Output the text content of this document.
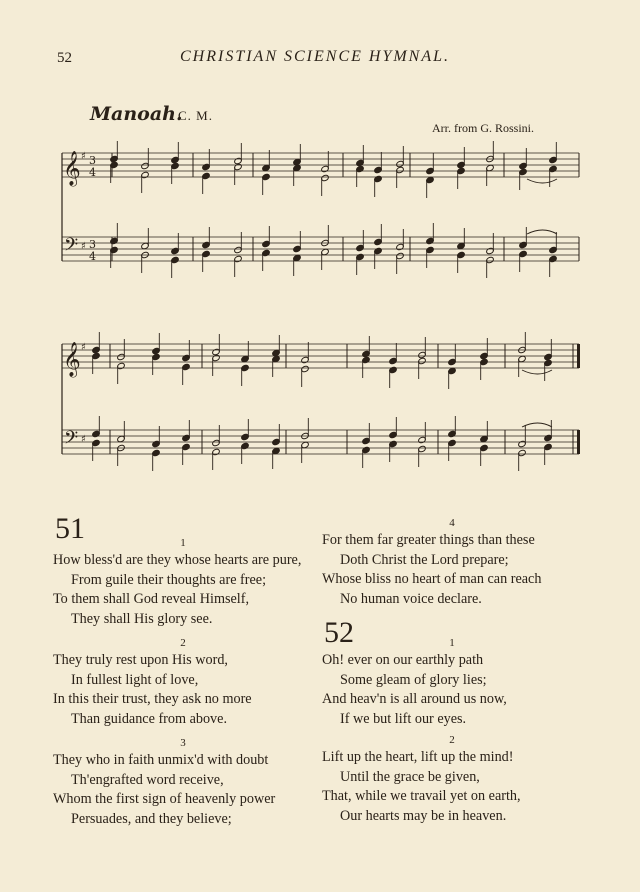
52	CHRISTIAN SCIENCE HYMNAL.
Manoah.
C. M.
Arr. from G. Rossini.
𝄞
𝄢
♯
♯
3
4
3
4
𝄞
𝄢
♯
♯
51	1
How bless'd are they whose hearts are pure,
From guile their thoughts are free;
To them shall God reveal Himself,
They shall His glory see.
2
They truly rest upon His word,
In fullest light of love,
In this their trust, they ask no more
Than guidance from above.
3
They who in faith unmix'd with doubt
Th'engrafted word receive,
Whom the first sign of heavenly power
Persuades, and they believe;
4
For them far greater things than these
Doth Christ the Lord prepare;
Whose bliss no heart of man can reach
No human voice declare.
52	1
Oh! ever on our earthly path
Some gleam of glory lies;
And heav'n is all around us now,
If we but lift our eyes.
2
Lift up the heart, lift up the mind!
Until the grace be given,
That, while we travail yet on earth,
Our hearts may be in heaven.
